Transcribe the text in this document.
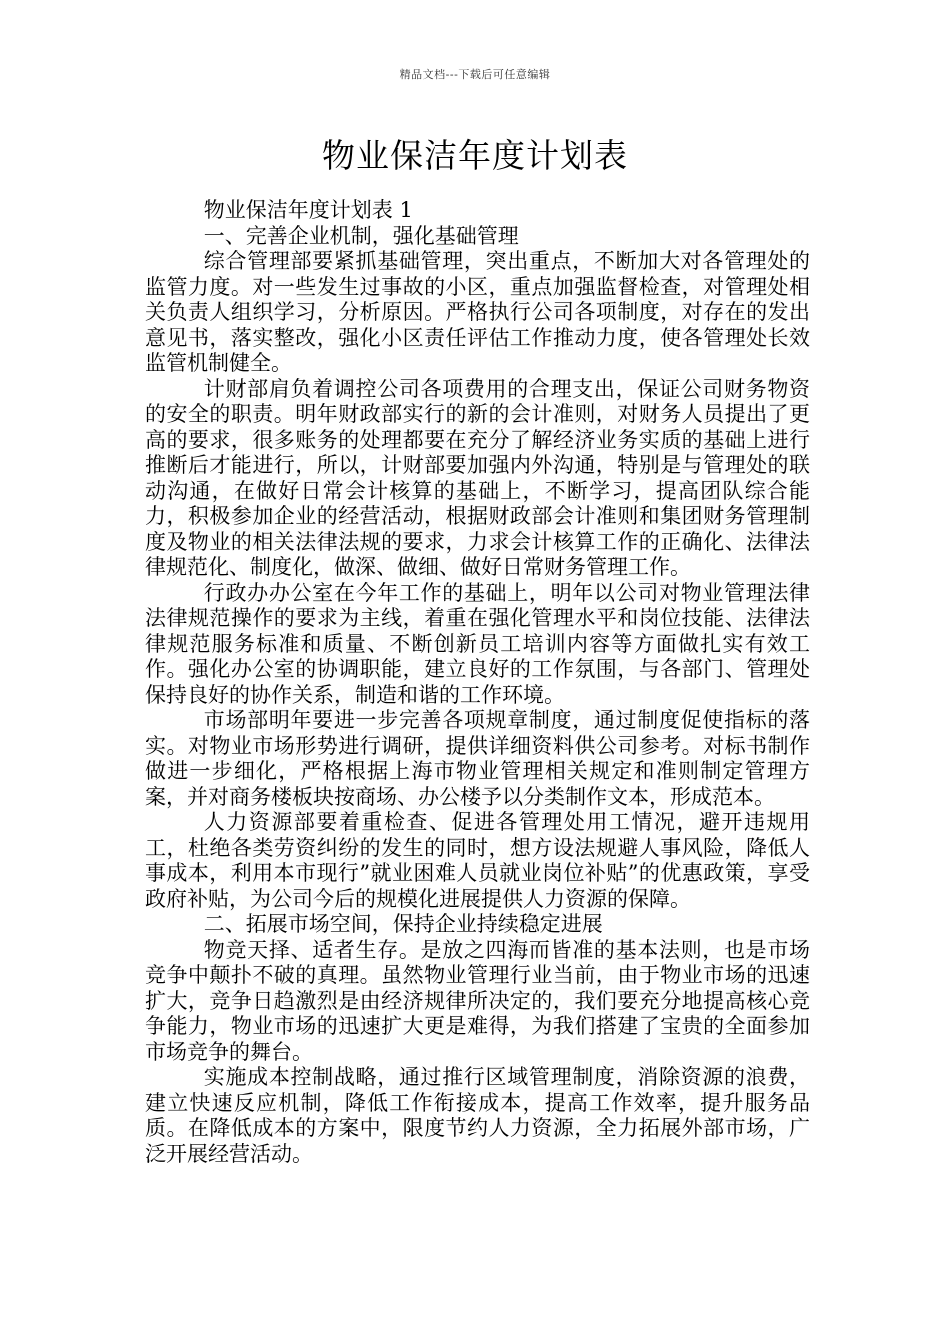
精品文档---下载后可任意编辑
物业保洁年度计划表

物业保洁年度计划表 1

一、完善企业机制，强化基础管理

综合管理部要紧抓基础管理，突出重点，不断加大对各管理处的监管力度。对一些发生过事故的小区，重点加强监督检查，对管理处相关负责人组织学习，分析原因。严格执行公司各项制度，对存在的发出意见书，落实整改，强化小区责任评估工作推动力度，使各管理处长效监管机制健全。

计财部肩负着调控公司各项费用的合理支出，保证公司财务物资的安全的职责。明年财政部实行的新的会计准则，对财务人员提出了更高的要求，很多账务的处理都要在充分了解经济业务实质的基础上进行推断后才能进行，所以，计财部要加强内外沟通，特别是与管理处的联动沟通，在做好日常会计核算的基础上，不断学习，提高团队综合能力，积极参加企业的经营活动，根据财政部会计准则和集团财务管理制度及物业的相关法律法规的要求，力求会计核算工作的正确化、法律法律规范化、制度化，做深、做细、做好日常财务管理工作。

行政办办公室在今年工作的基础上，明年以公司对物业管理法律法律规范操作的要求为主线，着重在强化管理水平和岗位技能、法律法律规范服务标准和质量、不断创新员工培训内容等方面做扎实有效工作。强化办公室的协调职能，建立良好的工作氛围，与各部门、管理处保持良好的协作关系，制造和谐的工作环境。

市场部明年要进一步完善各项规章制度，通过制度促使指标的落实。对物业市场形势进行调研，提供详细资料供公司参考。对标书制作做进一步细化，严格根据上海市物业管理相关规定和准则制定管理方案，并对商务楼板块按商场、办公楼予以分类制作文本，形成范本。

人力资源部要着重检查、促进各管理处用工情况，避开违规用工，杜绝各类劳资纠纷的发生的同时，想方设法规避人事风险，降低人事成本，利用本市现行”就业困难人员就业岗位补贴”的优惠政策，享受政府补贴，为公司今后的规模化进展提供人力资源的保障。

二、拓展市场空间，保持企业持续稳定进展

物竞天择、适者生存。是放之四海而皆准的基本法则，也是市场竞争中颠扑不破的真理。虽然物业管理行业当前，由于物业市场的迅速扩大，竞争日趋激烈是由经济规律所决定的，我们要充分地提高核心竞争能力，物业市场的迅速扩大更是难得，为我们搭建了宝贵的全面参加市场竞争的舞台。

实施成本控制战略，通过推行区域管理制度，消除资源的浪费，建立快速反应机制，降低工作衔接成本，提高工作效率，提升服务品质。在降低成本的方案中，限度节约人力资源，全力拓展外部市场，广泛开展经营活动。
